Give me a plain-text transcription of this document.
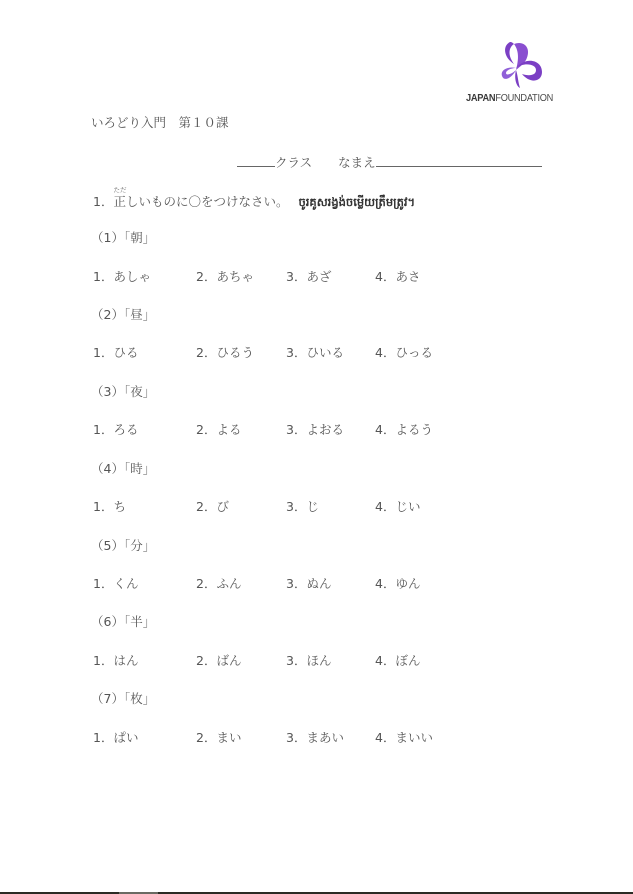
JAPANFOUNDATION
いろどり入門　第１０課
クラス なまえ
1．
ただ
正しいものに〇をつけなさい。 ចូរគូសរង្វង់ចម្លើយត្រឹមត្រូវ។
（1）「朝」
1．あしゃ	2．あちゃ	3．あざ	4．あさ
（2）「昼」
1．ひる	2．ひるう	3．ひいる 4．ひっる
（3）「夜」
1．ろる	2．よる	3．よおる 4．よるう
（4）「時」
1．ち	2．び	3．じ	4．じい
（5）「分」
1．くん	2．ふん	3．ぬん	4．ゆん
（6）「半」
1．はん	2．ばん	3．ほん	4．ぼん
（7）「枚」
1．ぱい	2．まい	3．まあい 4．まいい
